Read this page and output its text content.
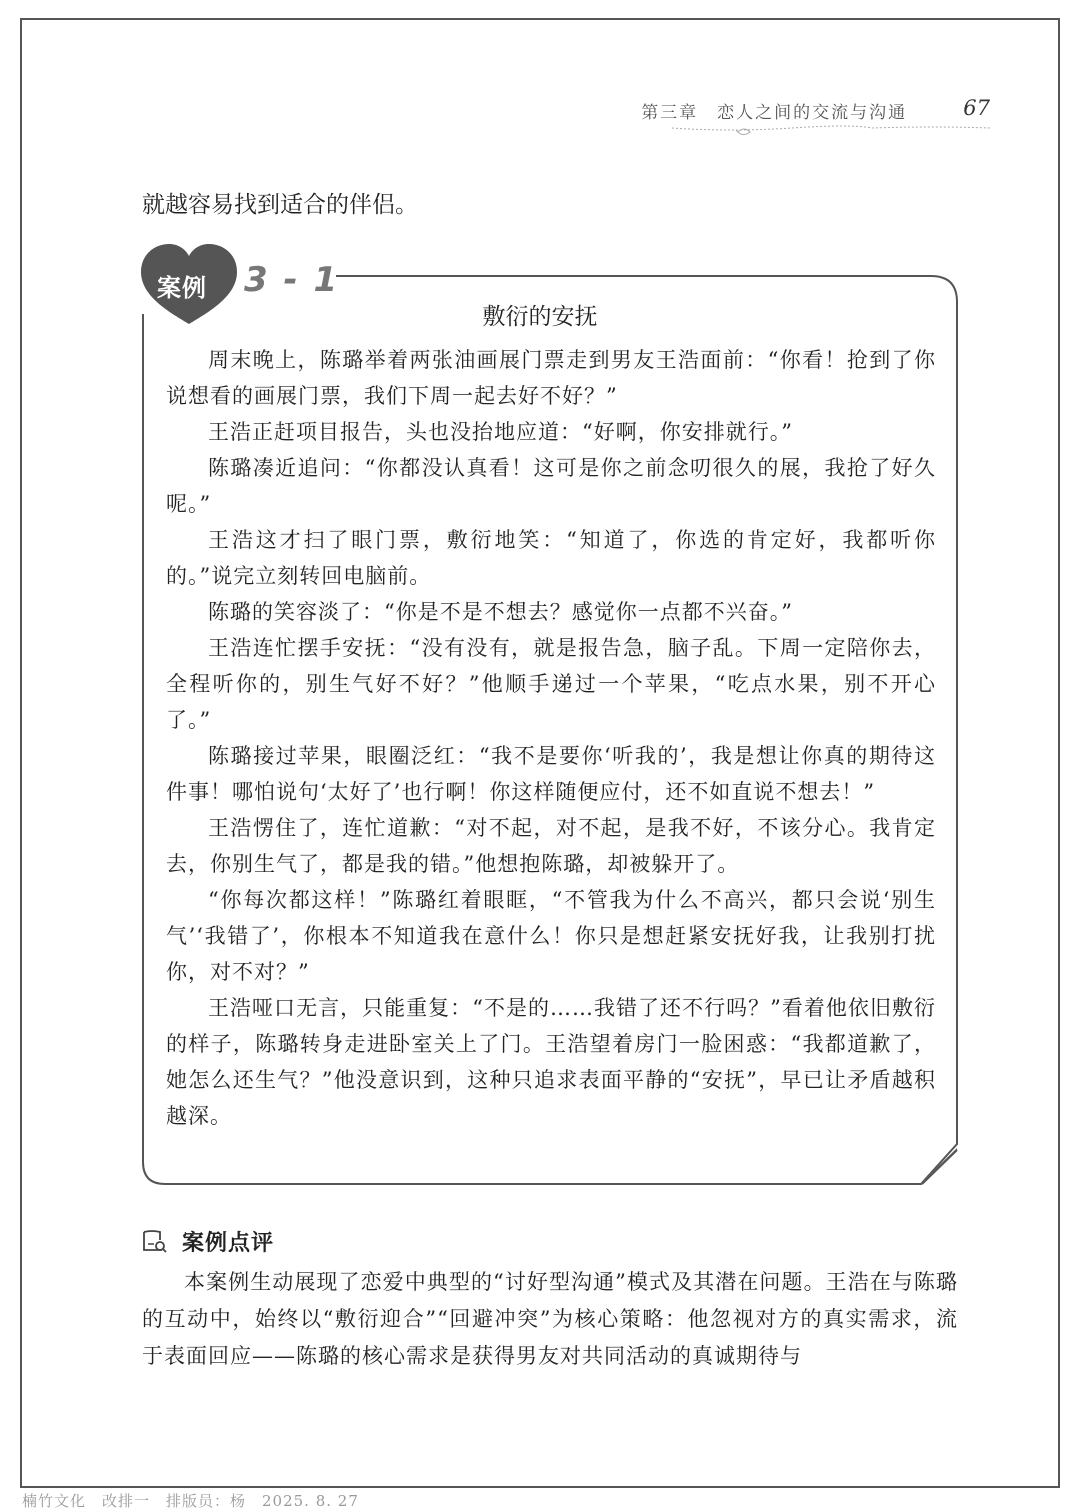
第三章　恋人之间的交流与沟通	67
就越容易找到适合的伴侣。
案例 3 - 1
敷衍的安抚

周末晚上，陈璐举着两张油画展门票走到男友王浩面前：“你看！抢到了你说想看的画展门票，我们下周一起去好不好？”

王浩正赶项目报告，头也没抬地应道：“好啊，你安排就行。”

陈璐凑近追问：“你都没认真看！这可是你之前念叨很久的展，我抢了好久呢。”

王浩这才扫了眼门票，敷衍地笑：“知道了，你选的肯定好，我都听你的。”说完立刻转回电脑前。

陈璐的笑容淡了：“你是不是不想去？感觉你一点都不兴奋。”

王浩连忙摆手安抚：“没有没有，就是报告急，脑子乱。下周一定陪你去，全程听你的，别生气好不好？”他顺手递过一个苹果，“吃点水果，别不开心了。”

陈璐接过苹果，眼圈泛红：“我不是要你‘听我的’，我是想让你真的期待这件事！哪怕说句‘太好了’也行啊！你这样随便应付，还不如直说不想去！”

王浩愣住了，连忙道歉：“对不起，对不起，是我不好，不该分心。我肯定去，你别生气了，都是我的错。”他想抱陈璐，却被躲开了。

“你每次都这样！”陈璐红着眼眶，“不管我为什么不高兴，都只会说‘别生气’‘我错了’，你根本不知道我在意什么！你只是想赶紧安抚好我，让我别打扰你，对不对？”

王浩哑口无言，只能重复：“不是的……我错了还不行吗？”看着他依旧敷衍的样子，陈璐转身走进卧室关上了门。王浩望着房门一脸困惑：“我都道歉了，她怎么还生气？”他没意识到，这种只追求表面平静的“安抚”，早已让矛盾越积越深。

案例点评

本案例生动展现了恋爱中典型的“讨好型沟通”模式及其潜在问题。王浩在与陈璐的互动中，始终以“敷衍迎合”“回避冲突”为核心策略：他忽视对方的真实需求，流于表面回应——陈璐的核心需求是获得男友对共同活动的真诚期待与

楠竹文化　改排一　排版员：杨　2025. 8. 27
